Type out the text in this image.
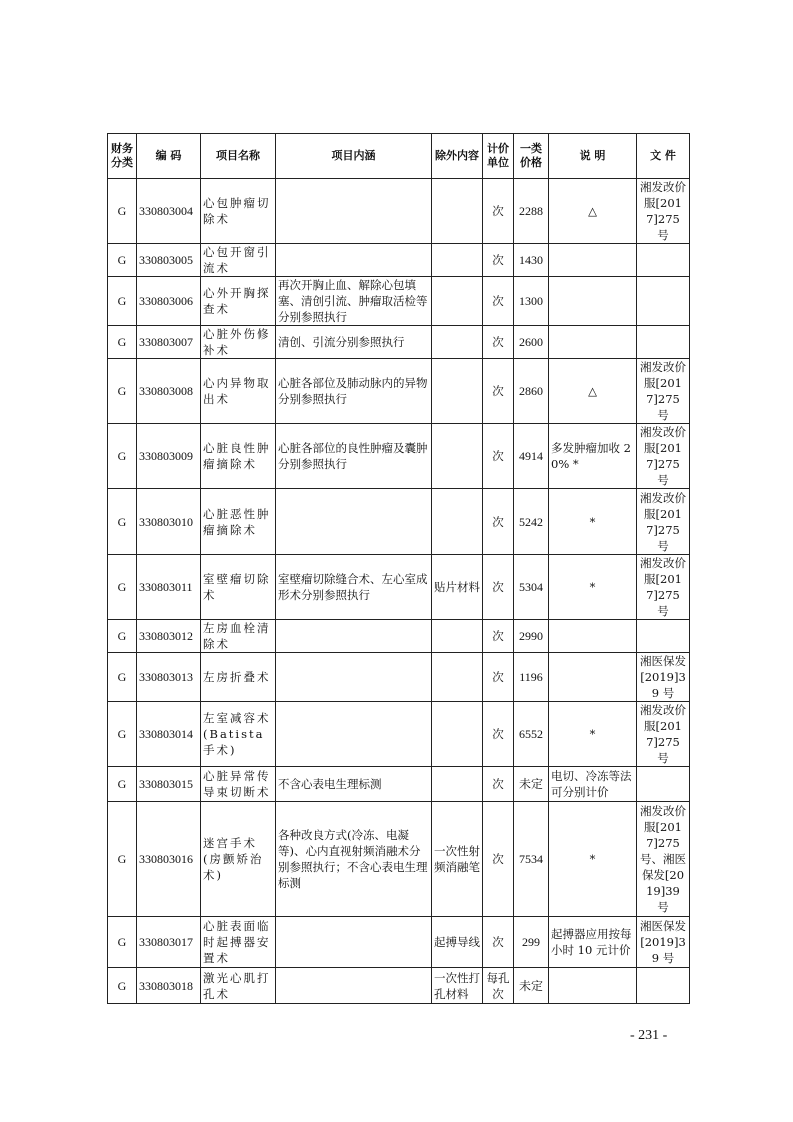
财务分类	编 码	项目名称	项目内涵	除外内容	计价单位	一类价格	说 明	文 件
G	330803004	心包肿瘤切除术			次	2288	△	湘发改价服[2017]275 号
G	330803005	心包开窗引流术			次	1430		
G	330803006	心外开胸探查术	再次开胸止血、解除心包填塞、清创引流、肿瘤取活检等分别参照执行		次	1300		
G	330803007	心脏外伤修补术	清创、引流分别参照执行		次	2600		
G	330803008	心内异物取出术	心脏各部位及肺动脉内的异物分别参照执行		次	2860	△	湘发改价服[2017]275 号
G	330803009	心脏良性肿瘤摘除术	心脏各部位的良性肿瘤及囊肿分别参照执行		次	4914	多发肿瘤加收 20% *	湘发改价服[2017]275 号
G	330803010	心脏恶性肿瘤摘除术			次	5242	*	湘发改价服[2017]275 号
G	330803011	室壁瘤切除术	室壁瘤切除缝合术、左心室成形术分别参照执行	贴片材料	次	5304	*	湘发改价服[2017]275 号
G	330803012	左房血栓清除术			次	2990		
G	330803013	左房折叠术			次	1196		湘医保发[2019]39 号
G	330803014	左室减容术(Batista 手术)			次	6552	*	湘发改价服[2017]275 号
G	330803015	心脏异常传导束切断术	不含心表电生理标测		次	未定	电切、冷冻等法可分别计价	
G	330803016	迷宫手术(房颤矫治术)	各种改良方式(冷冻、电凝等)、心内直视射频消融术分别参照执行；不含心表电生理标测	一次性射频消融笔	次	7534	*	湘发改价服[2017]275 号、湘医保发[2019]39 号
G	330803017	心脏表面临时起搏器安置术		起搏导线	次	299	起搏器应用按每小时 10 元计价	湘医保发[2019]39 号
G	330803018	激光心肌打孔术		一次性打孔材料	每孔次	未定		
- 231 -
